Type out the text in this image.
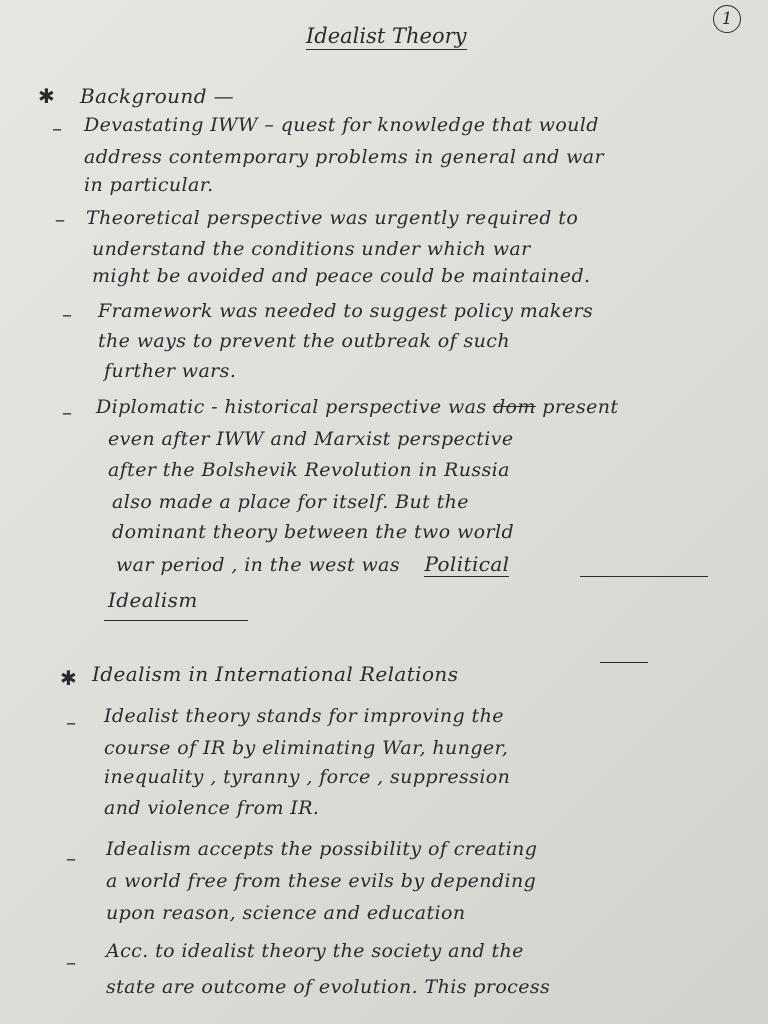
1
Idealist Theory
✱ Background —
– Devastating IWW – quest for knowledge that would
address contemporary problems in general and war
in particular.
– Theoretical perspective was urgently required to
understand the conditions under which war
might be avoided and peace could be maintained.
– Framework was needed to suggest policy makers
the ways to prevent the outbreak of such
further wars.
– Diplomatic - historical perspective was dom present
even after IWW and Marxist perspective
after the Bolshevik Revolution in Russia
also made a place for itself. But the
dominant theory between the two world
war period , in the west was Political
Idealism
✱ Idealism in International Relations
– Idealist theory stands for improving the
course of IR by eliminating War, hunger,
inequality , tyranny , force , suppression
and violence from IR.
– Idealism accepts the possibility of creating
a world free from these evils by depending
upon reason, science and education
– Acc. to idealist theory the society and the
state are outcome of evolution. This process
